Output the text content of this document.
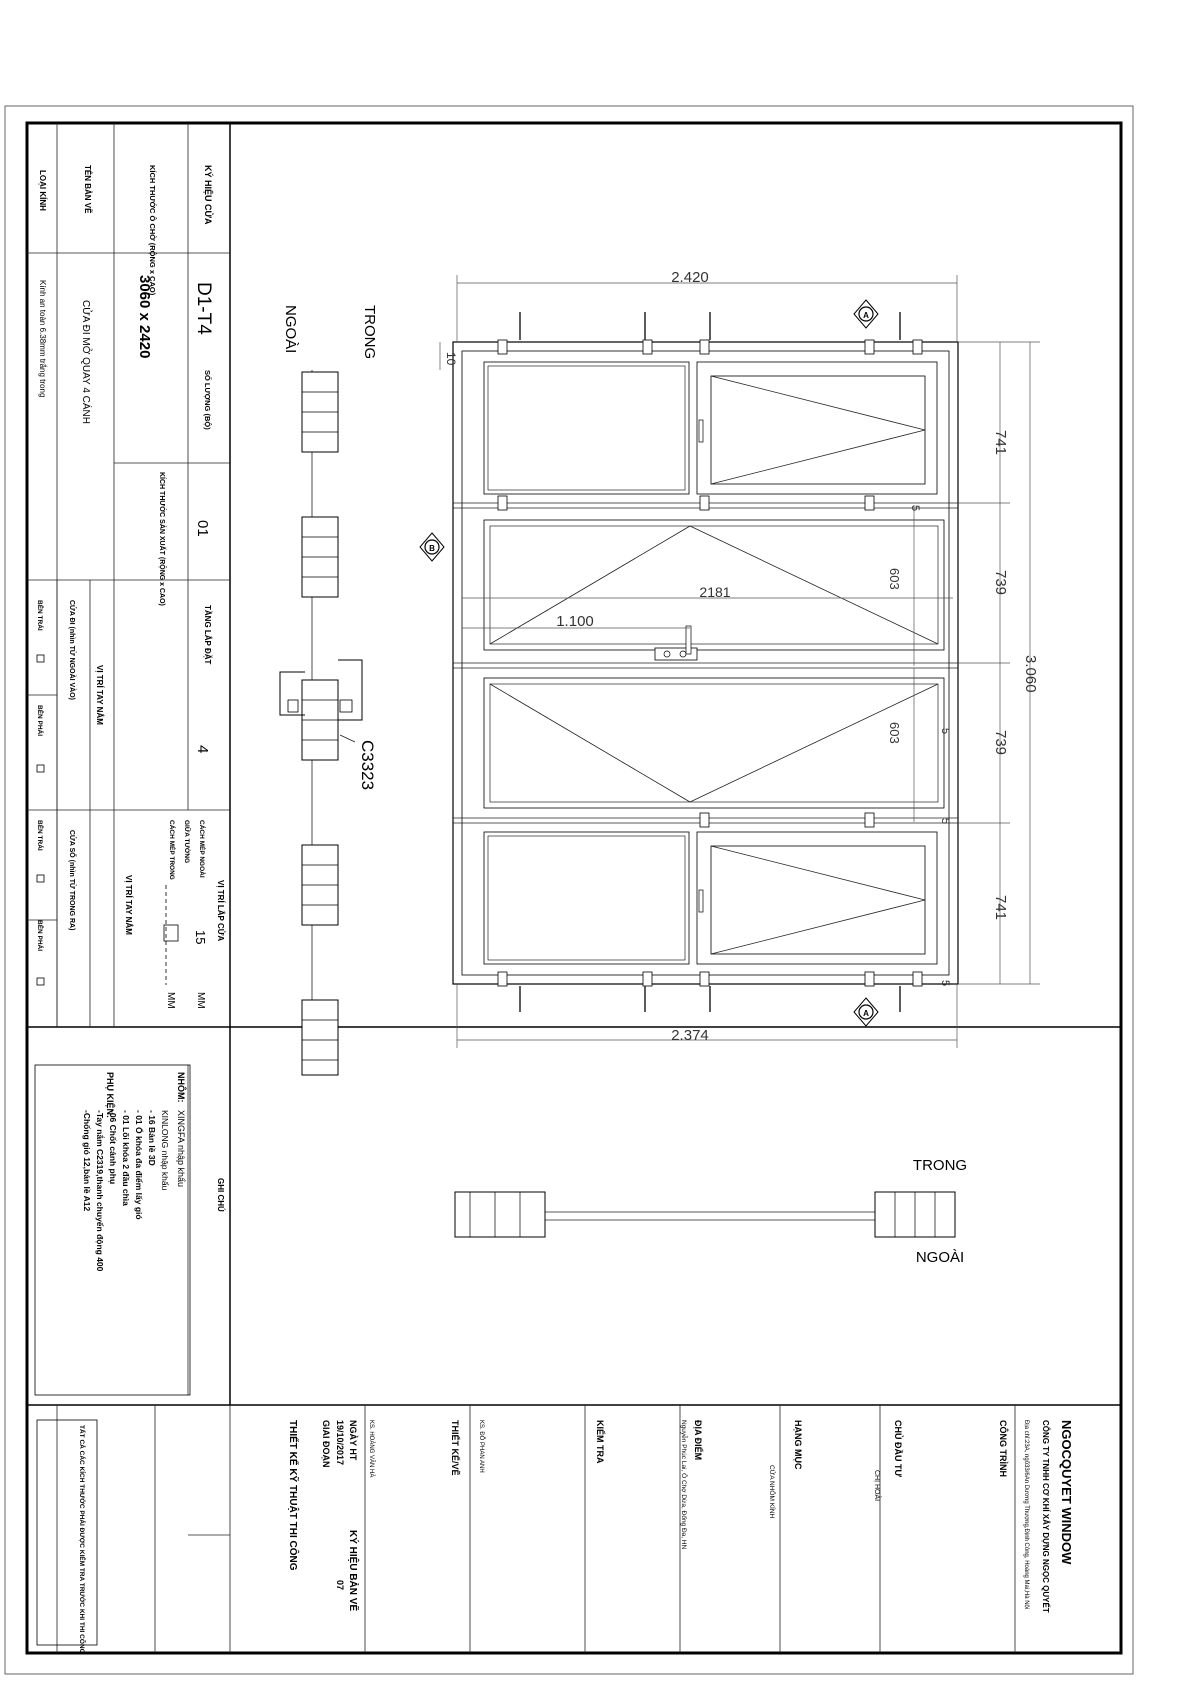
KÝ HIỆU CỬA
KÍCH THƯỚC Ô CHỜ (RỘNG x CAO)
TÊN BẢN VẼ
LOẠI KÍNH
D1-T4
3060 x 2420
CỬA ĐI MỞ QUAY 4 CÁNH
Kính an toàn 6.38mm trắng trong
SỐ LƯỢNG (BỘ)
01
KÍCH THƯỚC SẢN XUẤT (RỘNG x CAO)
TẦNG LẮP ĐẶT
4
VỊ TRÍ TAY NẮM
CỬA ĐI (nhìn TỪ NGOÀI VÀO)
BÊN TRÁI
BÊN PHẢI
VỊ TRÍ LẮP CỬA
CÁCH MÉP NGOÀI
15
MM
GIỮA TƯỜNG
CÁCH MÉP TRONG
MM
VỊ TRÍ TAY NẮM
CỬA SỔ (nhìn TỪ TRONG RA)
BÊN TRÁI
BÊN PHẢI
GHI CHÚ
NHÔM:
XINGFA nhập khẩu
PHỤ KIỆN:
KINLONG nhập khẩu
- 16 Bản lề 3D
- 01 Ổ khóa đa điểm lấy gió
- 01 Lõi khóa 2 đầu chìa
-06 Chốt cánh phụ
-Tay nắm C2319,thanh chuyển động 400
-Chống gió 12,bản lề A12
NGOCQUYET WINDOW
CÔNG TY TNHH CƠ KHÍ XÂY DỰNG NGỌC QUYẾT
Địa chỉ:23A, ngõ33/6An Dương Thượng,Định Công, Hoàng Mai,Hà Nội
CÔNG TRÌNH
CHỦ ĐẦU TƯ
CHỊ HOÀI
HẠNG MỤC
CỬA NHÔM KÍNH
ĐỊA ĐIỂM
Nguyễn Phúc Lai, Ô Chợ Dừa, Đống Đa, HN
KIỂM TRA
KS. ĐỖ PHAN ANH
THIẾT KẾ/VẼ
KS. HOÀNG VĂN HÀ
NGÀY HT
KÝ HIỆU BẢN VẼ
19/10/2017
07
GIAI ĐOẠN
THIẾT KẾ KỸ THUẬT THI CÔNG
TẤT CẢ CÁC KÍCH THƯỚC PHẢI ĐƯỢC KIỂM TRA TRƯỚC KHI THI CÔNG
2.420
2.374
2181
1.100
741
739
739
741
3.060
603
603
10
5
5
5
5
A
A
B
TRONG
NGOÀI
C3323
TRONG
NGOÀI
